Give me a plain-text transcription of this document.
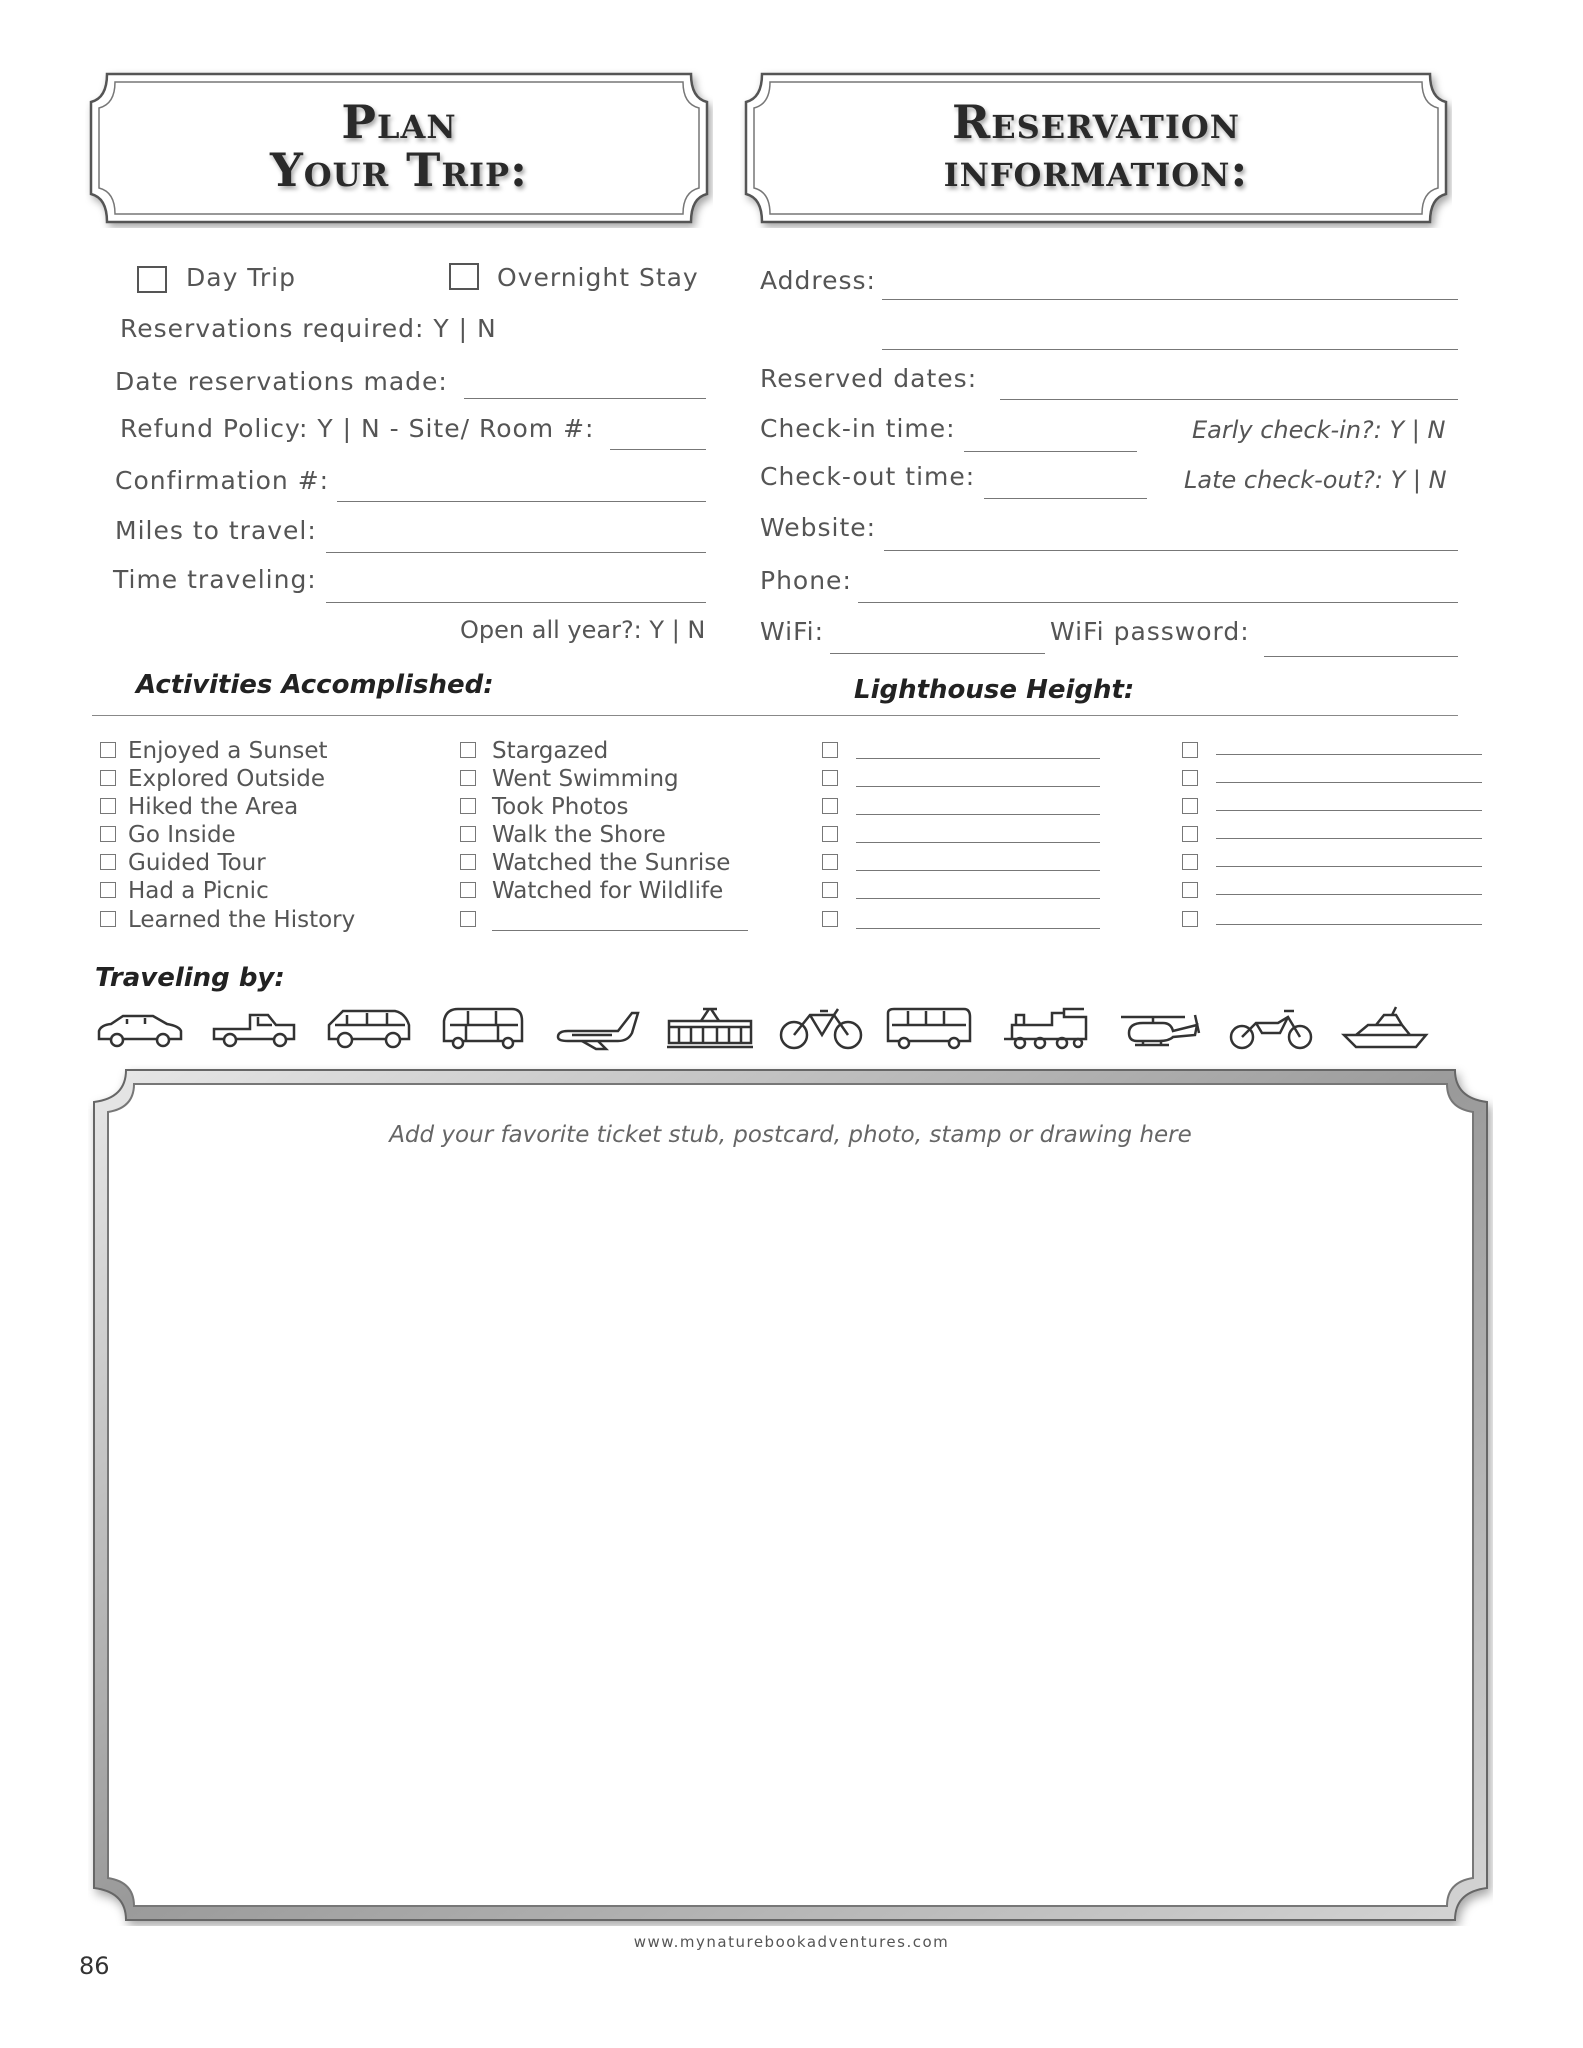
Plan
Your Trip:
Reservation
information:
Day Trip	Overnight Stay
Reservations required: Y | N
Date reservations made:
Refund Policy: Y | N - Site/ Room #:
Confirmation #:
Miles to travel:
Time traveling:
Open all year?: Y | N
Address:
Reserved dates:
Check-in time:	Early check-in?: Y | N
Check-out time:	Late check-out?: Y | N
Website:
Phone:
WiFi:	WiFi password:
Activities Accomplished:	Lighthouse Height:
Enjoyed a Sunset
Explored Outside
Hiked the Area
Go Inside
Guided Tour
Had a Picnic
Learned the History
Stargazed
Went Swimming
Took Photos
Walk the Shore
Watched the Sunrise
Watched for Wildlife
Traveling by:
Add your favorite ticket stub, postcard, photo, stamp or drawing here
www.mynaturebookadventures.com
86
